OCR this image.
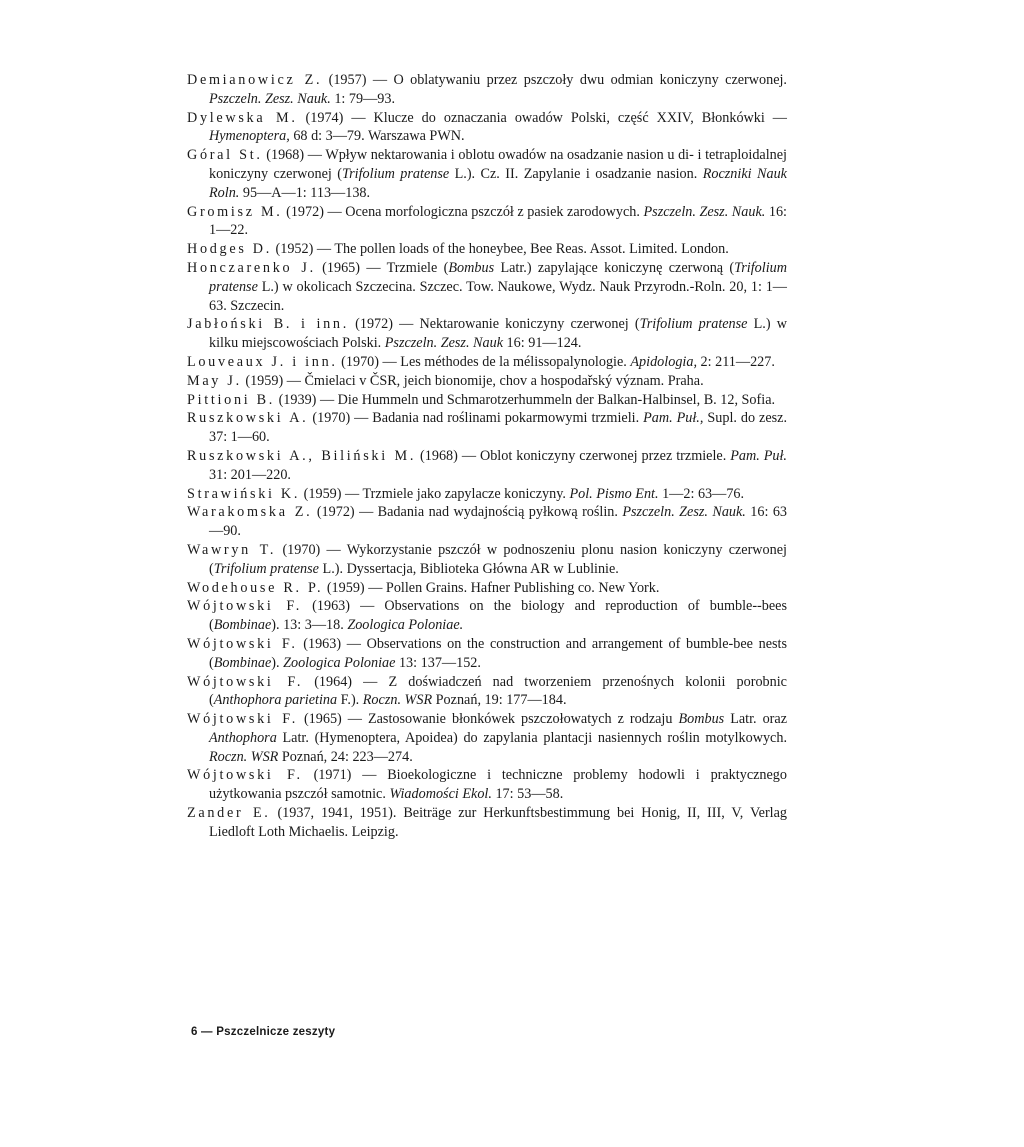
Demianowicz Z. (1957) — O oblatywaniu przez pszczoły dwu odmian koniczyny czerwonej. Pszczeln. Zesz. Nauk. 1: 79—93.
Dylewska M. (1974) — Klucze do oznaczania owadów Polski, część XXIV, Błonkówki — Hymenoptera, 68 d: 3—79. Warszawa PWN.
Góral St. (1968) — Wpływ nektarowania i oblotu owadów na osadzanie nasion u di- i tetraploidalnej koniczyny czerwonej (Trifolium pratense L.). Cz. II. Zapylanie i osadzanie nasion. Roczniki Nauk Roln. 95—A—1: 113—138.
Gromisz M. (1972) — Ocena morfologiczna pszczół z pasiek zarodowych. Pszczeln. Zesz. Nauk. 16: 1—22.
Hodges D. (1952) — The pollen loads of the honeybee, Bee Reas. Assot. Limited. London.
Honczarenko J. (1965) — Trzmiele (Bombus Latr.) zapylające koniczynę czerwoną (Trifolium pratense L.) w okolicach Szczecina. Szczec. Tow. Naukowe, Wydz. Nauk Przyrodn.-Roln. 20, 1: 1—63. Szczecin.
Jabłoński B. i inn. (1972) — Nektarowanie koniczyny czerwonej (Trifolium pratense L.) w kilku miejscowościach Polski. Pszczeln. Zesz. Nauk 16: 91—124.
Louveaux J. i inn. (1970) — Les méthodes de la mélissopalynologie. Apidologia, 2: 211—227.
May J. (1959) — Čmielaci v ČSR, jeich bionomije, chov a hospodařský význam. Praha.
Pittioni B. (1939) — Die Hummeln und Schmarotzerhummeln der Balkan-Halbinsel, B. 12, Sofia.
Ruszkowski A. (1970) — Badania nad roślinami pokarmowymi trzmieli. Pam. Puł., Supl. do zesz. 37: 1—60.
Ruszkowski A., Biliński M. (1968) — Oblot koniczyny czerwonej przez trzmiele. Pam. Puł. 31: 201—220.
Strawiński K. (1959) — Trzmiele jako zapylacze koniczyny. Pol. Pismo Ent. 1—2: 63—76.
Warakomska Z. (1972) — Badania nad wydajnością pyłkową roślin. Pszczeln. Zesz. Nauk. 16: 63—90.
Wawryn T. (1970) — Wykorzystanie pszczół w podnoszeniu plonu nasion koniczyny czerwonej (Trifolium pratense L.). Dyssertacja, Biblioteka Główna AR w Lublinie.
Wodehouse R. P. (1959) — Pollen Grains. Hafner Publishing co. New York.
Wójtowski F. (1963) — Observations on the biology and reproduction of bumble--bees (Bombinae). 13: 3—18. Zoologica Poloniae.
Wójtowski F. (1963) — Observations on the construction and arrangement of bumble-bee nests (Bombinae). Zoologica Poloniae 13: 137—152.
Wójtowski F. (1964) — Z doświadczeń nad tworzeniem przenośnych kolonii porobnic (Anthophora parietina F.). Roczn. WSR Poznań, 19: 177—184.
Wójtowski F. (1965) — Zastosowanie błonkówek pszczołowatych z rodzaju Bombus Latr. oraz Anthophora Latr. (Hymenoptera, Apoidea) do zapylania plantacji nasiennych roślin motylkowych. Roczn. WSR Poznań, 24: 223—274.
Wójtowski F. (1971) — Bioekologiczne i techniczne problemy hodowli i praktycznego użytkowania pszczół samotnic. Wiadomości Ekol. 17: 53—58.
Zander E. (1937, 1941, 1951). Beiträge zur Herkunftsbestimmung bei Honig, II, III, V, Verlag Liedloft Loth Michaelis. Leipzig.
6 — Pszczelnicze zeszyty
